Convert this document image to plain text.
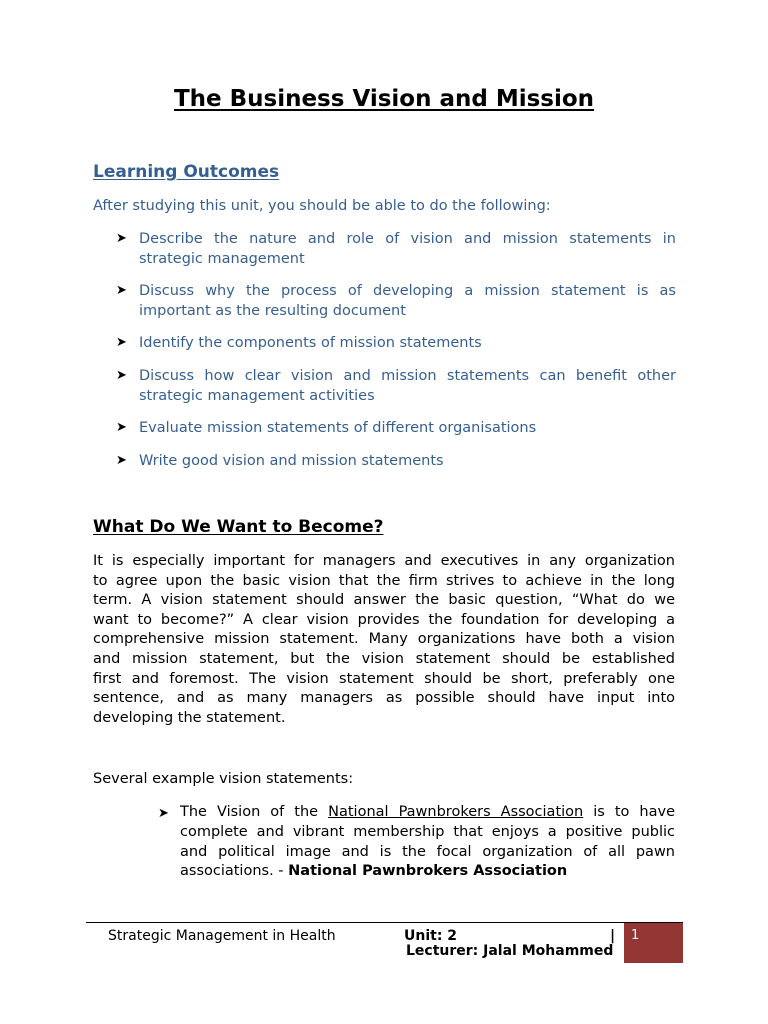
The Business Vision and Mission
Learning Outcomes
After studying this unit, you should be able to do the following:
➤ Describe the nature and role of vision and mission statements in
strategic management
➤ Discuss why the process of developing a mission statement is as
important as the resulting document
➤ Identify the components of mission statements
➤ Discuss how clear vision and mission statements can benefit other
strategic management activities
➤ Evaluate mission statements of different organisations
➤ Write good vision and mission statements
What Do We Want to Become?
It is especially important for managers and executives in any organization
to agree upon the basic vision that the firm strives to achieve in the long
term. A vision statement should answer the basic question, “What do we
want to become?” A clear vision provides the foundation for developing a
comprehensive mission statement. Many organizations have both a vision
and mission statement, but the vision statement should be established
first and foremost. The vision statement should be short, preferably one
sentence, and as many managers as possible should have input into
developing the statement.
Several example vision statements:
➤ The Vision of the National Pawnbrokers Association is to have
complete and vibrant membership that enjoys a positive public
and political image and is the focal organization of all pawn
associations. - National Pawnbrokers Association
Strategic Management in Health	Unit: 2	|
Lecturer: Jalal Mohammed
1
